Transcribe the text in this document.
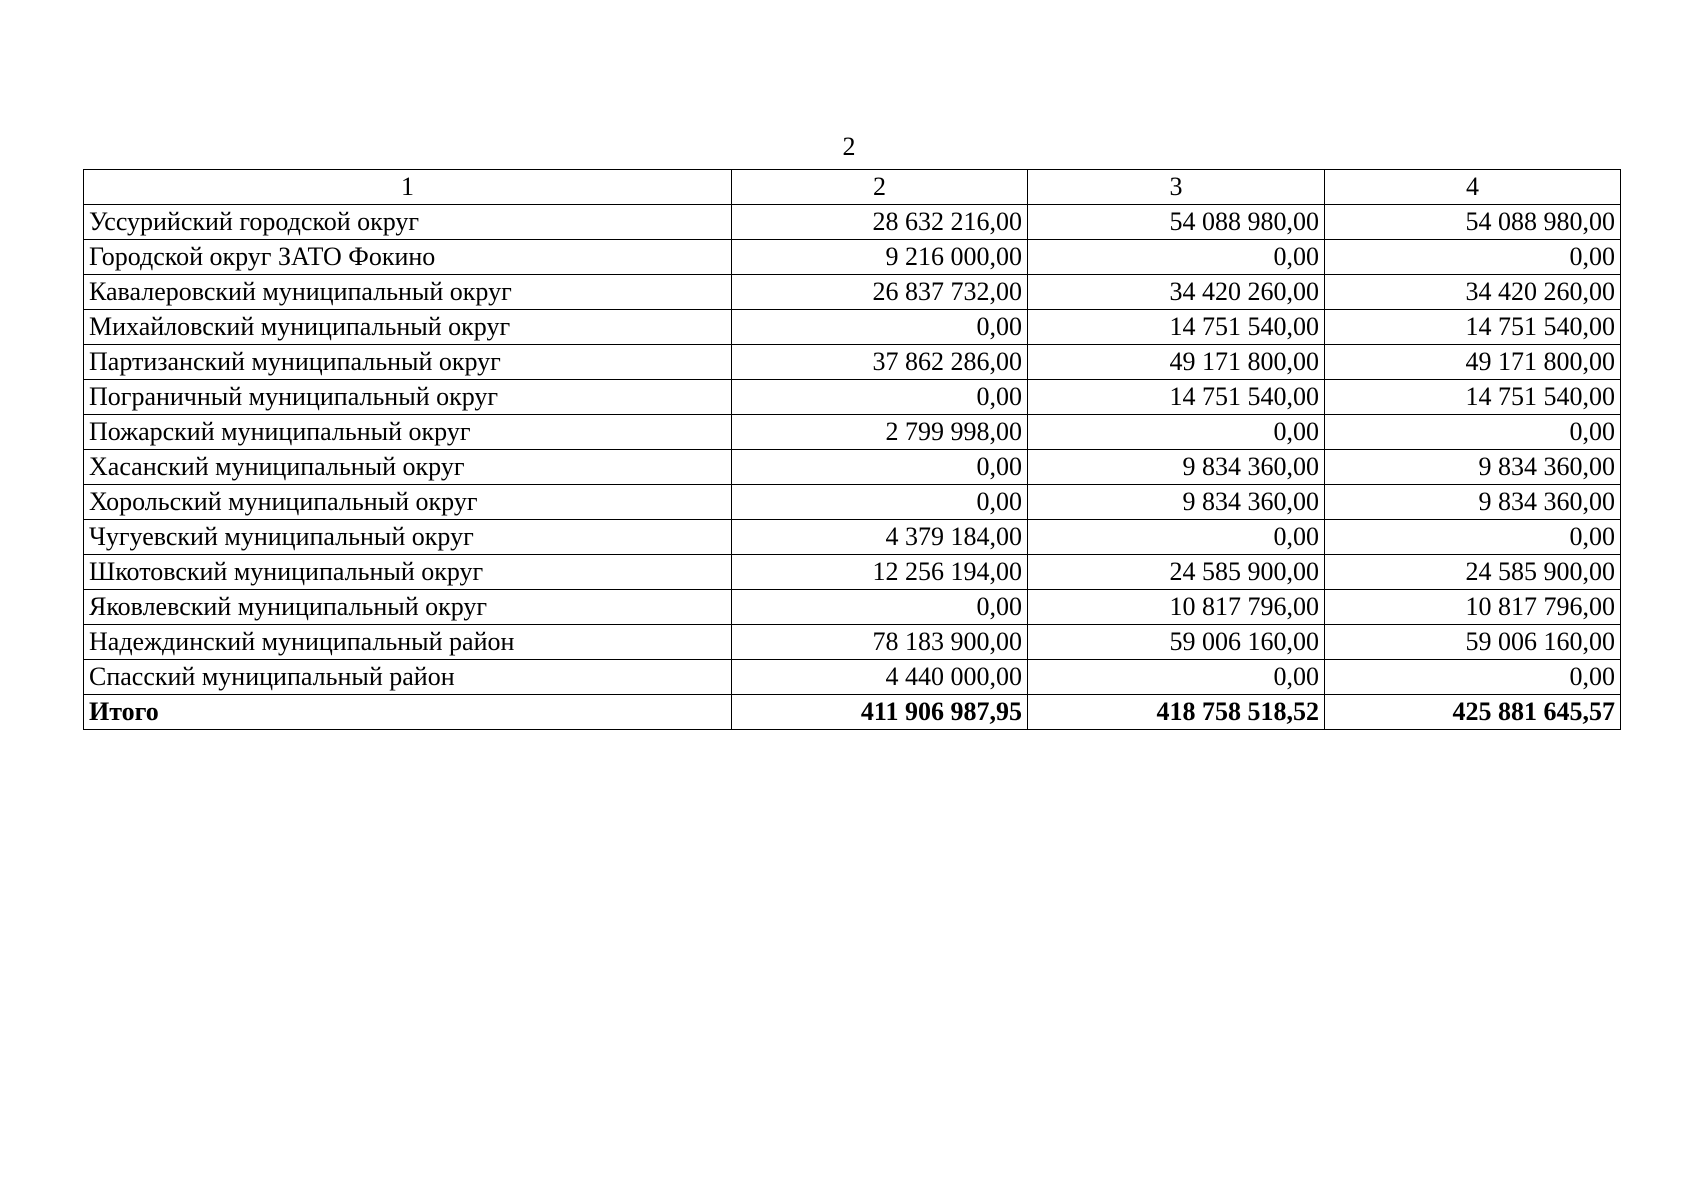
2
1	2	3	4
Уссурийский городской округ	28 632 216,00	54 088 980,00	54 088 980,00
Городской округ ЗАТО Фокино	9 216 000,00	0,00	0,00
Кавалеровский муниципальный округ	26 837 732,00	34 420 260,00	34 420 260,00
Михайловский муниципальный округ	0,00	14 751 540,00	14 751 540,00
Партизанский муниципальный округ	37 862 286,00	49 171 800,00	49 171 800,00
Пограничный муниципальный округ	0,00	14 751 540,00	14 751 540,00
Пожарский муниципальный округ	2 799 998,00	0,00	0,00
Хасанский муниципальный округ	0,00	9 834 360,00	9 834 360,00
Хорольский муниципальный округ	0,00	9 834 360,00	9 834 360,00
Чугуевский муниципальный округ	4 379 184,00	0,00	0,00
Шкотовский муниципальный округ	12 256 194,00	24 585 900,00	24 585 900,00
Яковлевский муниципальный округ	0,00	10 817 796,00	10 817 796,00
Надеждинский муниципальный район	78 183 900,00	59 006 160,00	59 006 160,00
Спасский муниципальный район	4 440 000,00	0,00	0,00
Итого	411 906 987,95	418 758 518,52	425 881 645,57
